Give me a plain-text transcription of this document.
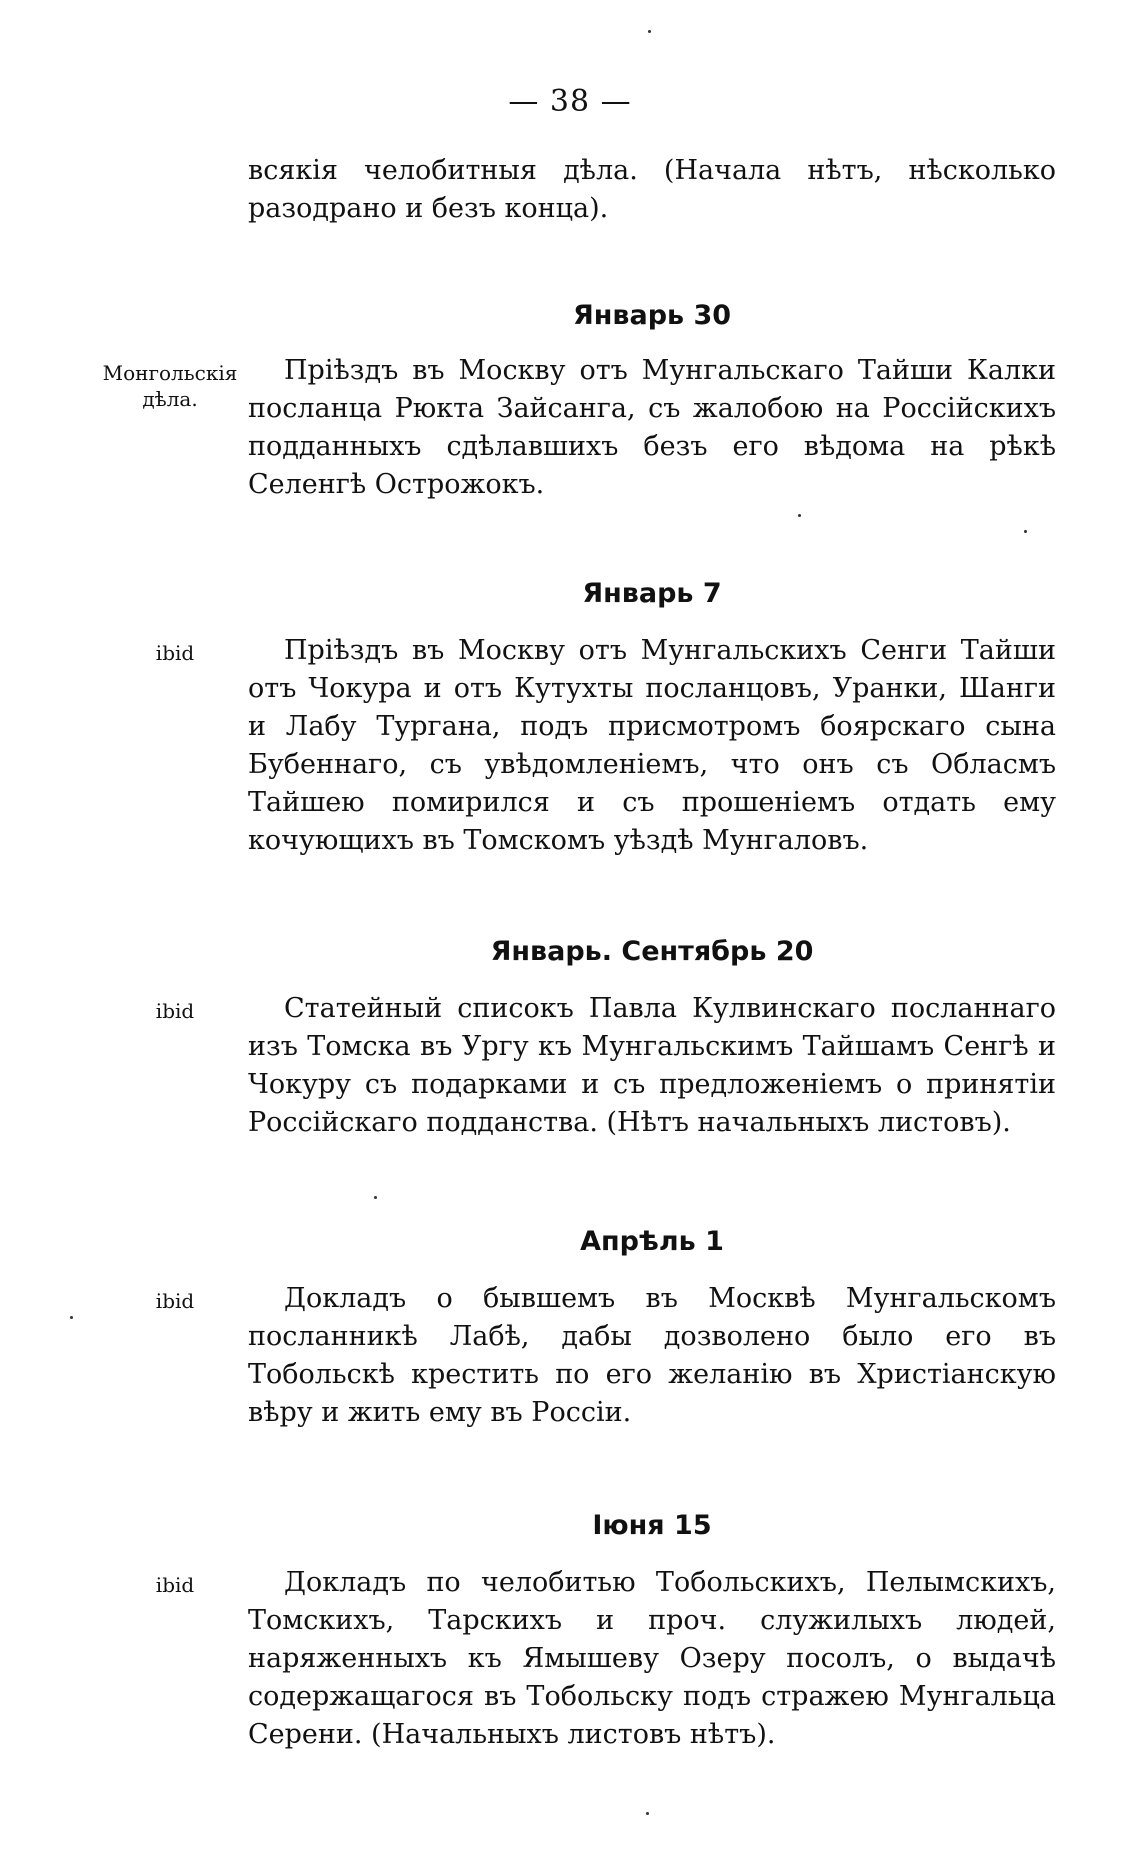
— 38 —

всякія челобитныя дѣла. (Начала нѣтъ, нѣсколько разодрано и безъ конца).

Январь 30
Монгольскія дѣла.

Пріѣздъ въ Москву отъ Мунгальскаго Тайши Калки посланца Рюкта Зайсанга, съ жалобою на Россійскихъ подданныхъ сдѣлавшихъ безъ его вѣдома на рѣкѣ Селенгѣ Острожокъ.

Январь 7
ibid	Пріѣздъ въ Москву отъ Мунгальскихъ Сенги Тайши отъ Чокура и отъ Кутухты посланцовъ, Уранки, Шанги и Лабу Тургана, подъ присмотромъ боярскаго сына Бубеннаго, съ увѣдомленіемъ, что онъ съ Обласмъ Тайшею помирился и съ прошеніемъ отдать ему кочующихъ въ Томскомъ уѣздѣ Мунгаловъ.

Январь. Сентябрь 20
ibid	Статейный списокъ Павла Кулвинскаго посланнаго изъ Томска въ Ургу къ Мунгальскимъ Тайшамъ Сенгѣ и Чокуру съ подарками и съ предложеніемъ о принятіи Россійскаго подданства. (Нѣтъ начальныхъ листовъ).

Апрѣль 1
ibid	Докладъ о бывшемъ въ Москвѣ Мунгальскомъ посланникѣ Лабѣ, дабы дозволено было его въ Тобольскѣ крестить по его желанію въ Христіанскую вѣру и жить ему въ Россіи.

Іюня 15
ibid	Докладъ по челобитью Тобольскихъ, Пелымскихъ, Томскихъ, Тарскихъ и проч. служилыхъ людей, наряженныхъ къ Ямышеву Озеру посолъ, о выдачѣ содержащагося въ Тобольску подъ стражею Мунгальца Серени. (Начальныхъ листовъ нѣтъ).
